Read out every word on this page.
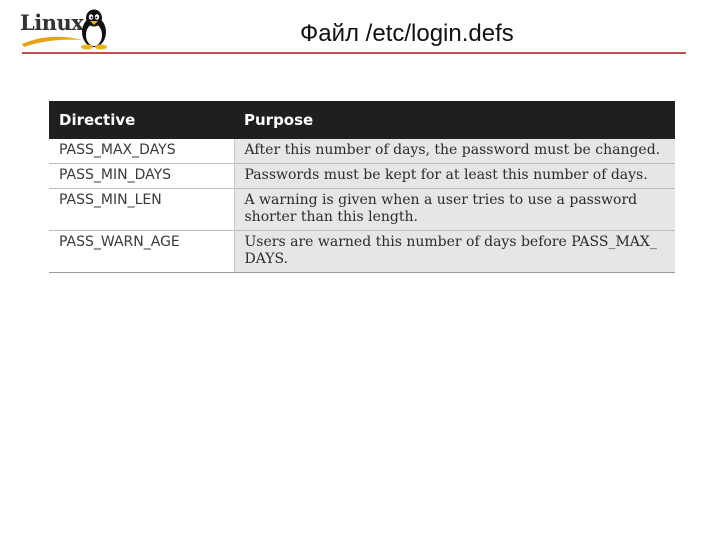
Linux	Файл /etc/login.defs
Directive	Purpose
PASS_MAX_DAYS	After this number of days, the password must be changed.
PASS_MIN_DAYS	Passwords must be kept for at least this number of days.
PASS_MIN_LEN	A warning is given when a user tries to use a password shorter than this length.
PASS_WARN_AGE	Users are warned this number of days before PASS_MAX_ DAYS.
